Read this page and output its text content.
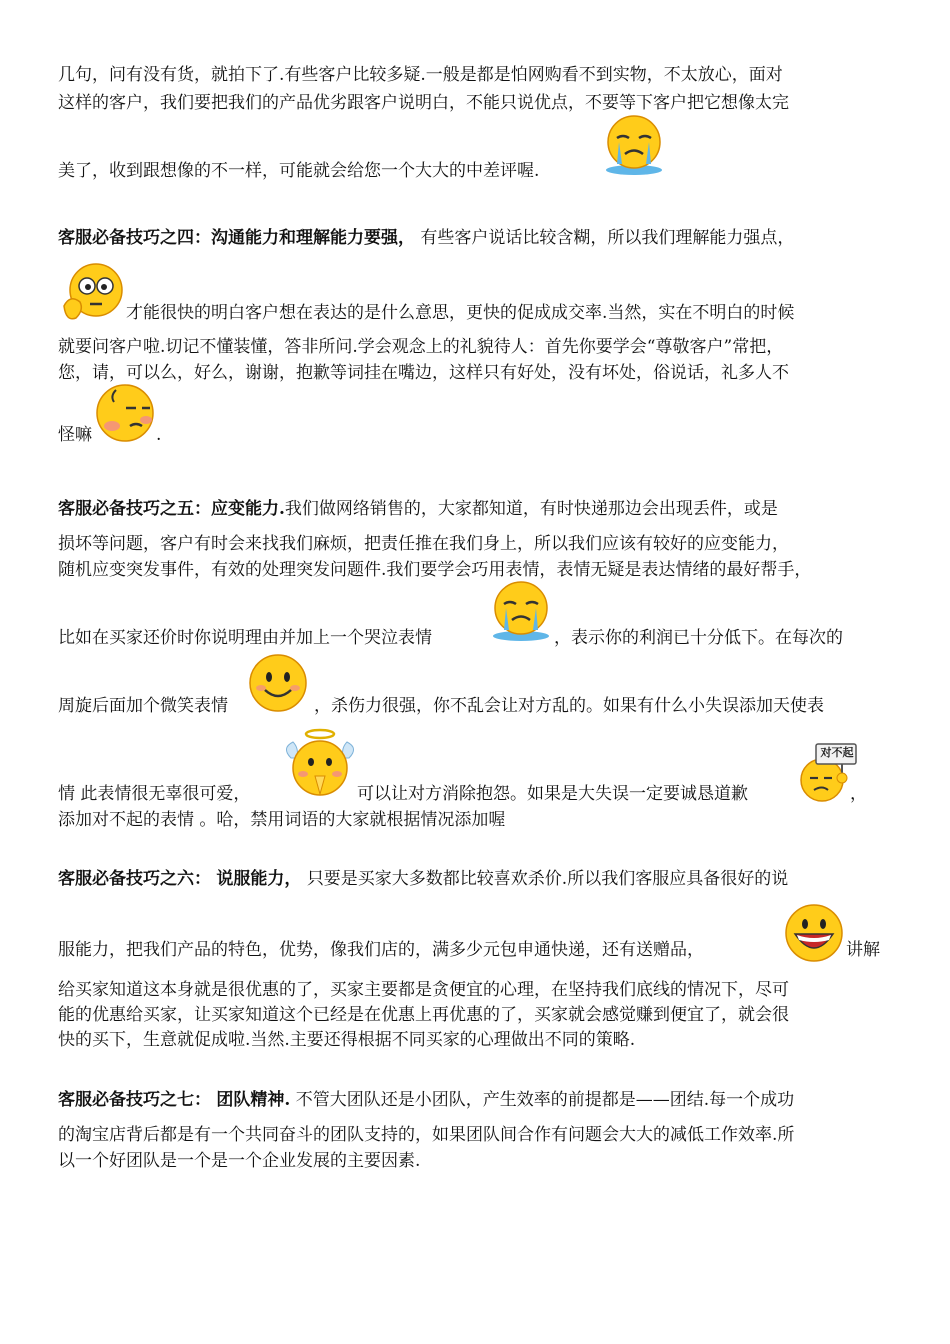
几句，问有没有货，就拍下了.有些客户比较多疑.一般是都是怕网购看不到实物，不太放心，面对
这样的客户，我们要把我们的产品优劣跟客户说明白，不能只说优点，不要等下客户把它想像太完
美了，收到跟想像的不一样，可能就会给您一个大大的中差评喔.
客服必备技巧之四：沟通能力和理解能力要强， 有些客户说话比较含糊，所以我们理解能力强点，
才能很快的明白客户想在表达的是什么意思，更快的促成成交率.当然，实在不明白的时候
就要问客户啦.切记不懂装懂，答非所问.学会观念上的礼貌待人：首先你要学会“尊敬客户”常把，
您，请，可以么，好么，谢谢，抱歉等词挂在嘴边，这样只有好处，没有坏处，俗说话，礼多人不
怪嘛	.
客服必备技巧之五：应变能力.我们做网络销售的，大家都知道，有时快递那边会出现丢件，或是
损坏等问题，客户有时会来找我们麻烦，把责任推在我们身上，所以我们应该有较好的应变能力，
随机应变突发事件，有效的处理突发问题件.我们要学会巧用表情，表情无疑是表达情绪的最好帮手，
比如在买家还价时你说明理由并加上一个哭泣表情	，表示你的利润已十分低下。在每次的
周旋后面加个微笑表情	，杀伤力很强，你不乱会让对方乱的。如果有什么小失误添加天使表
情 此表情很无辜很可爱，	可以让对方消除抱怨。如果是大失误一定要诚恳道歉	，
添加对不起的表情 。哈，禁用词语的大家就根据情况添加喔
客服必备技巧之六： 说服能力， 只要是买家大多数都比较喜欢杀价.所以我们客服应具备很好的说
服能力，把我们产品的特色，优势，像我们店的，满多少元包申通快递，还有送赠品，	讲解
给买家知道这本身就是很优惠的了，买家主要都是贪便宜的心理，在坚持我们底线的情况下，尽可
能的优惠给买家，让买家知道这个已经是在优惠上再优惠的了，买家就会感觉赚到便宜了，就会很
快的买下，生意就促成啦.当然.主要还得根据不同买家的心理做出不同的策略.
客服必备技巧之七： 团队精神. 不管大团队还是小团队，产生效率的前提都是——团结.每一个成功
的淘宝店背后都是有一个共同奋斗的团队支持的，如果团队间合作有问题会大大的减低工作效率.所
以一个好团队是一个是一个企业发展的主要因素.
对不起
